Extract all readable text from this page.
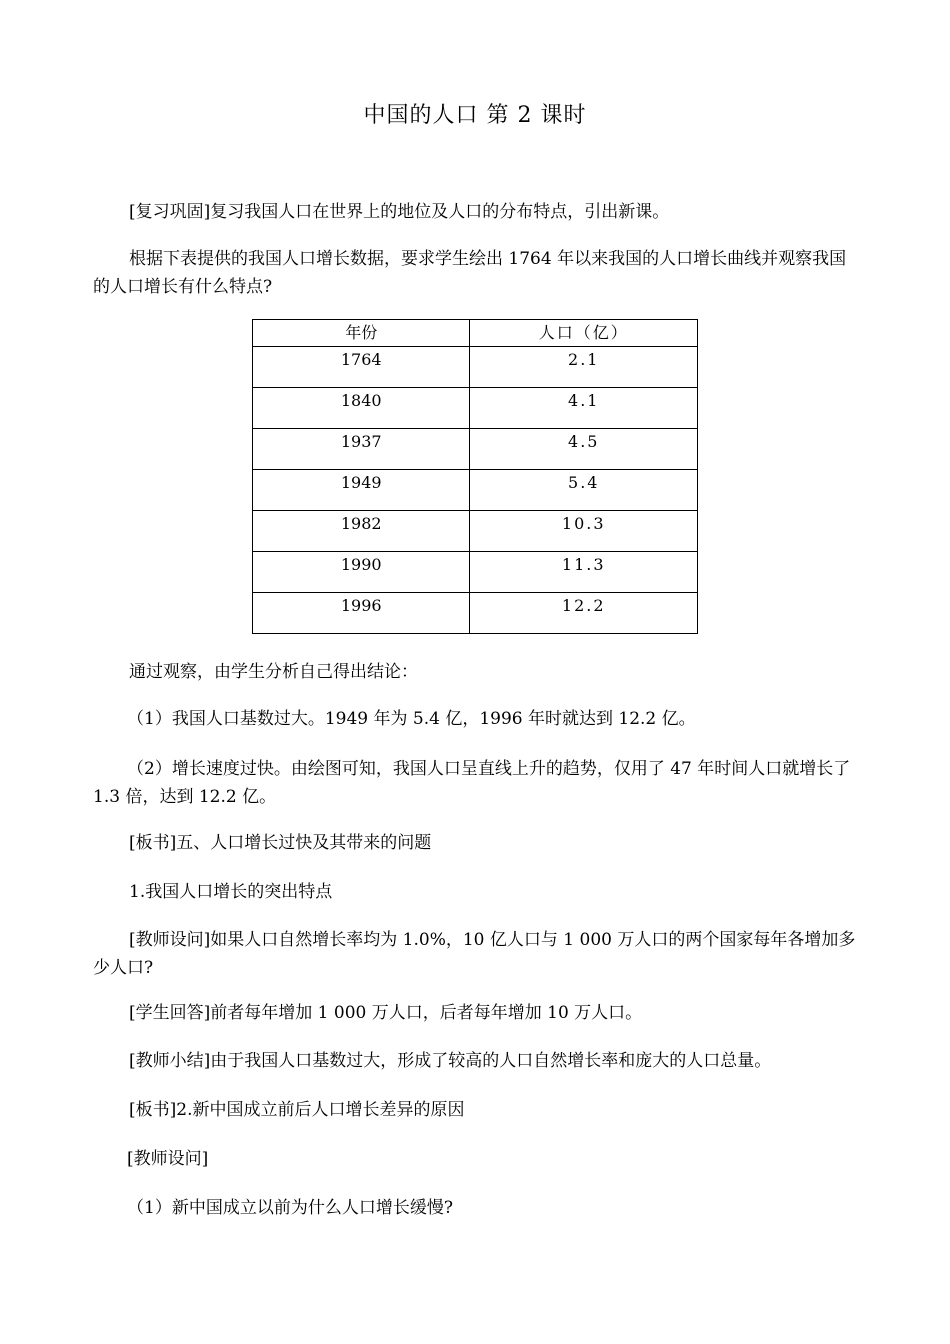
中国的人口 第 2 课时
[复习巩固]复习我国人口在世界上的地位及人口的分布特点，引出新课。
根据下表提供的我国人口增长数据，要求学生绘出 1764 年以来我国的人口增长曲线并观察我国的人口增长有什么特点?
年份	人口（亿）
1764	2.1
1840	4.1
1937	4.5
1949	5.4
1982	10.3
1990	11.3
1996	12.2
通过观察，由学生分析自己得出结论：
（1）我国人口基数过大。1949 年为 5.4 亿，1996 年时就达到 12.2 亿。
（2）增长速度过快。由绘图可知，我国人口呈直线上升的趋势，仅用了 47 年时间人口就增长了 1.3 倍，达到 12.2 亿。
[板书]五、人口增长过快及其带来的问题
1.我国人口增长的突出特点
[教师设问]如果人口自然增长率均为 1.0%，10 亿人口与 1 000 万人口的两个国家每年各增加多少人口?
[学生回答]前者每年增加 1 000 万人口，后者每年增加 10 万人口。
[教师小结]由于我国人口基数过大，形成了较高的人口自然增长率和庞大的人口总量。
[板书]2.新中国成立前后人口增长差异的原因
[教师设问]
（1）新中国成立以前为什么人口增长缓慢?
